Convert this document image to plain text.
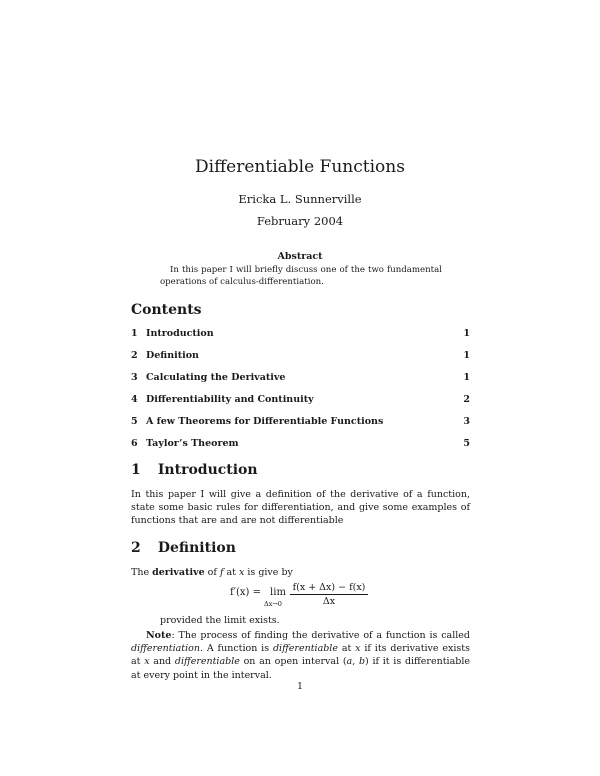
Differentiable Functions
Ericka L. Sunnerville
February 2004
Abstract
In this paper I will briefly discuss one of the two fundamental operations of calculus-differentiation.
Contents
1 Introduction	1
2 Definition	1
3 Calculating the Derivative	1
4 Differentiability and Continuity	2
5 A few Theorems for Differentiable Functions	3
6 Taylor’s Theorem	5
1 Introduction
In this paper I will give a definition of the derivative of a function, state some basic rules for differentiation, and give some examples of functions that are and are not differentiable
2 Definition
The derivative of f at x is give by
f′(x) = lim
$\Delta x\to 0 \frac{f(x + \Delta x) - f(x)}{\Delta x}$
provided the limit exists.
Note: The process of finding the derivative of a function is called differentiation. A function is differentiable at x if its derivative exists at x and differentiable on an open interval (a, b) if it is differentiable at every point in the interval.
1
